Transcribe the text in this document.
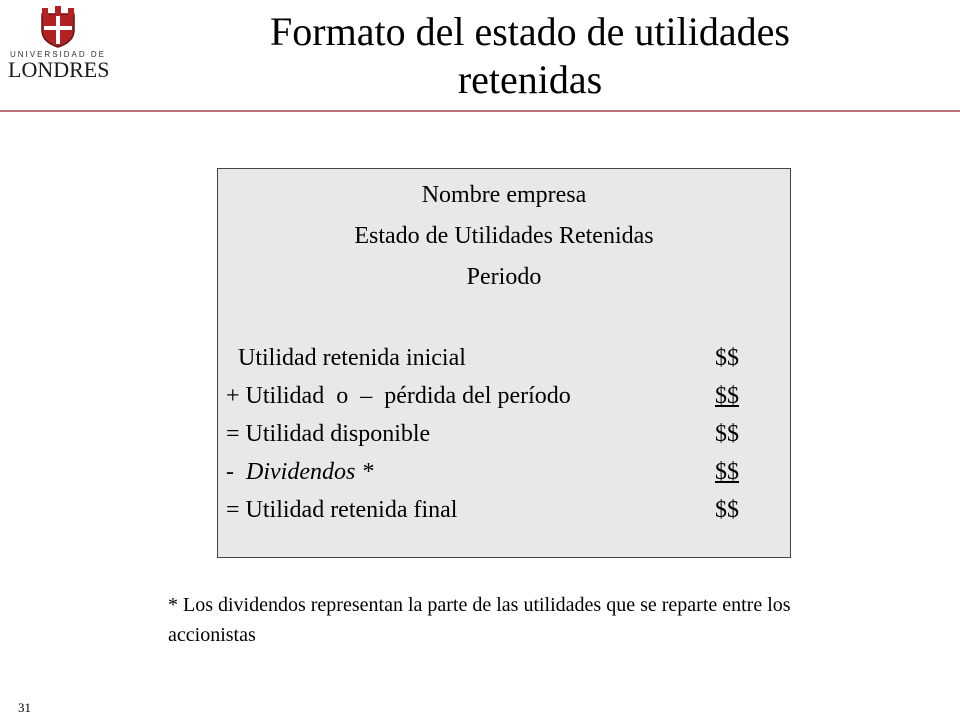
UNIVERSIDAD DE
LONDRES
Formato del estado de utilidades
retenidas
Nombre empresa
Estado de Utilidades Retenidas
Periodo
Utilidad retenida inicial	$$
+ Utilidad  o  –  pérdida del período	$$
= Utilidad disponible	$$
-  Dividendos *	$$
= Utilidad retenida final	$$
* Los dividendos representan la parte de las utilidades que se reparte entre los accionistas
31
